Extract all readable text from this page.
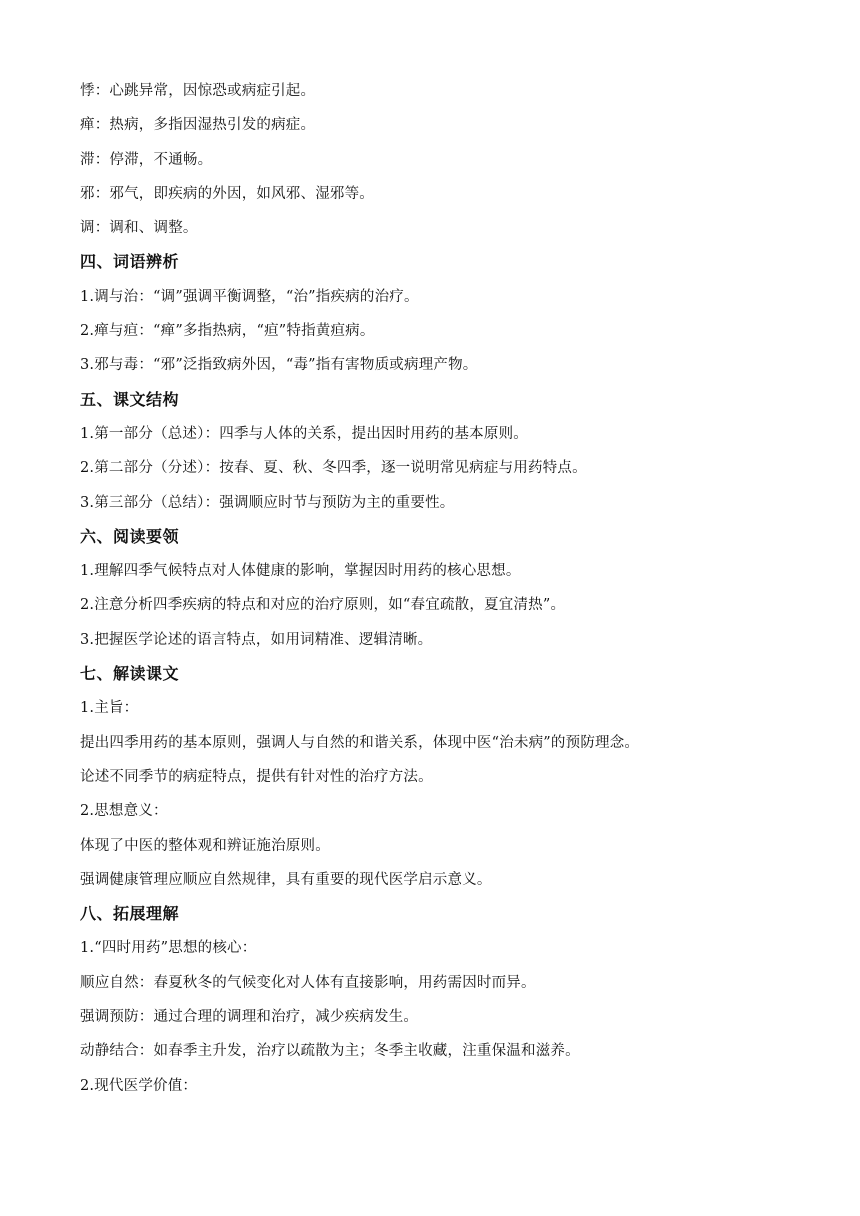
悸：心跳异常，因惊恐或病症引起。
瘅：热病，多指因湿热引发的病症。
滞：停滞，不通畅。
邪：邪气，即疾病的外因，如风邪、湿邪等。
调：调和、调整。
四、词语辨析
1.调与治：“调”强调平衡调整，“治”指疾病的治疗。
2.瘅与疸：“瘅”多指热病，“疸”特指黄疸病。
3.邪与毒：“邪”泛指致病外因，“毒”指有害物质或病理产物。
五、课文结构
1.第一部分（总述）：四季与人体的关系，提出因时用药的基本原则。
2.第二部分（分述）：按春、夏、秋、冬四季，逐一说明常见病症与用药特点。
3.第三部分（总结）：强调顺应时节与预防为主的重要性。
六、阅读要领
1.理解四季气候特点对人体健康的影响，掌握因时用药的核心思想。
2.注意分析四季疾病的特点和对应的治疗原则，如“春宜疏散，夏宜清热”。
3.把握医学论述的语言特点，如用词精准、逻辑清晰。
七、解读课文
1.主旨：
提出四季用药的基本原则，强调人与自然的和谐关系，体现中医“治未病”的预防理念。
论述不同季节的病症特点，提供有针对性的治疗方法。
2.思想意义：
体现了中医的整体观和辨证施治原则。
强调健康管理应顺应自然规律，具有重要的现代医学启示意义。
八、拓展理解
1.“四时用药”思想的核心：
顺应自然：春夏秋冬的气候变化对人体有直接影响，用药需因时而异。
强调预防：通过合理的调理和治疗，减少疾病发生。
动静结合：如春季主升发，治疗以疏散为主；冬季主收藏，注重保温和滋养。
2.现代医学价值：
